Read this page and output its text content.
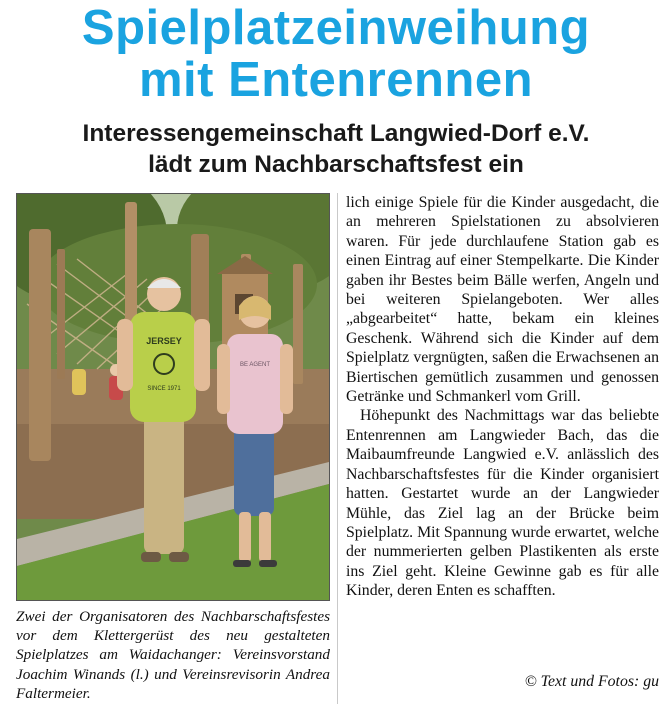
Spielplatzeinweihung
mit Entenrennen
Interessengemeinschaft Langwied-Dorf e.V.
lädt zum Nachbarschaftsfest ein
JERSEY
SINCE 1971
BE AGENT

Zwei der Organisatoren des Nachbarschaftsfestes vor dem Klettergerüst des neu gestalteten Spielplatzes am Waidachanger: Vereinsvorstand Joachim Winands (l.) und Vereinsrevisorin Andrea Faltermeier.

lich einige Spiele für die Kinder ausgedacht, die an mehreren Spielstationen zu absolvieren waren. Für jede durchlaufene Station gab es einen Eintrag auf einer Stempelkarte. Die Kinder gaben ihr Bestes beim Bälle werfen, Angeln und bei weiteren Spielangeboten. Wer alles „abgearbeitet“ hatte, bekam ein kleines Geschenk. Während sich die Kinder auf dem Spielplatz vergnügten, saßen die Erwachsenen an Biertischen gemütlich zusammen und genossen Getränke und Schmankerl vom Grill.

Höhepunkt des Nachmittags war das beliebte Entenrennen am Langwieder Bach, das die Maibaumfreunde Langwied e.V. anlässlich des Nachbarschaftsfestes für die Kinder organisiert hatten. Gestartet wurde an der Langwieder Mühle, das Ziel lag an der Brücke beim Spielplatz. Mit Spannung wurde erwartet, welche der nummerierten gelben Plastikenten als erste ins Ziel geht. Kleine Gewinne gab es für alle Kinder, deren Enten es schafften.

© Text und Fotos: gu
